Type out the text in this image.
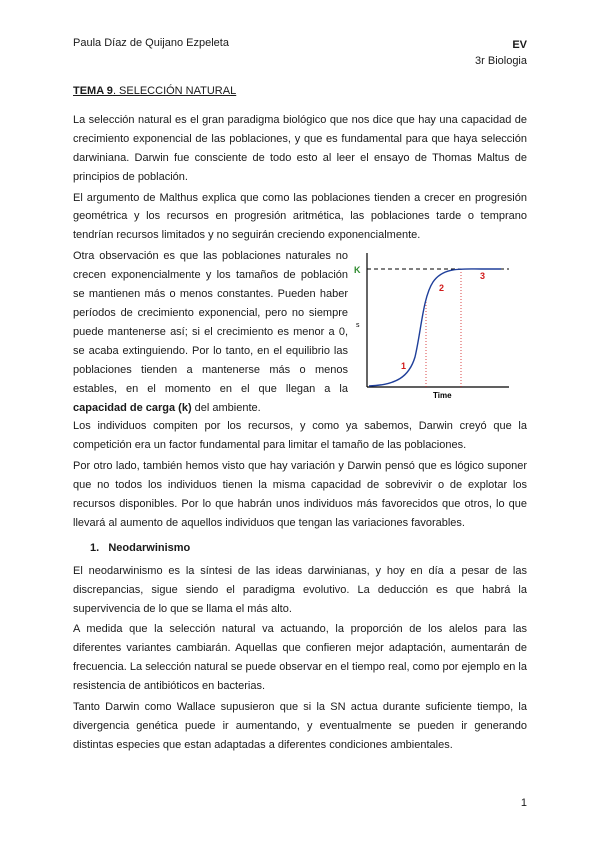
Paula Díaz de Quijano Ezpeleta	EV
3r Biologia
TEMA 9. SELECCIÓN NATURAL

La selección natural es el gran paradigma biológico que nos dice que hay una capacidad de crecimiento exponencial de las poblaciones, y que es fundamental para que haya selección darwiniana. Darwin fue consciente de todo esto al leer el ensayo de Thomas Maltus de principios de población.

El argumento de Malthus explica que como las poblaciones tienden a crecer en progresión geométrica y los recursos en progresión aritmética, las poblaciones tarde o temprano tendrían recursos limitados y no seguirán creciendo exponencialmente.

Otra observación es que las poblaciones naturales no crecen exponencialmente y los tamaños de población se mantienen más o menos constantes. Pueden haber períodos de crecimiento exponencial, pero no siempre puede mantenerse así; si el crecimiento es menor a 0, se acaba extinguiendo. Por lo tanto, en el equilibrio las poblaciones tienden a mantenerse más o menos estables, en el momento en el que llegan a la capacidad de carga (k) del ambiente.

K
s
Time
1
2
3

Los individuos compiten por los recursos, y como ya sabemos, Darwin creyó que la competición era un factor fundamental para limitar el tamaño de las poblaciones.

Por otro lado, también hemos visto que hay variación y Darwin pensó que es lógico suponer que no todos los individuos tienen la misma capacidad de sobrevivir o de explotar los recursos disponibles. Por lo que habrán unos individuos más favorecidos que otros, lo que llevará al aumento de aquellos individuos que tengan las variaciones favorables.

1. Neodarwinismo

El neodarwinismo es la síntesi de las ideas darwinianas, y hoy en día a pesar de las discrepancias, sigue siendo el paradigma evolutivo. La deducción es que habrá la supervivencia de lo que se llama el más alto.

A medida que la selección natural va actuando, la proporción de los alelos para las diferentes variantes cambiarán. Aquellas que confieren mejor adaptación, aumentarán de frecuencia. La selección natural se puede observar en el tiempo real, como por ejemplo en la resistencia de antibióticos en bacterias.

Tanto Darwin como Wallace supusieron que si la SN actua durante suficiente tiempo, la divergencia genética puede ir aumentando, y eventualmente se pueden ir generando distintas especies que estan adaptadas a diferentes condiciones ambientales.

1
